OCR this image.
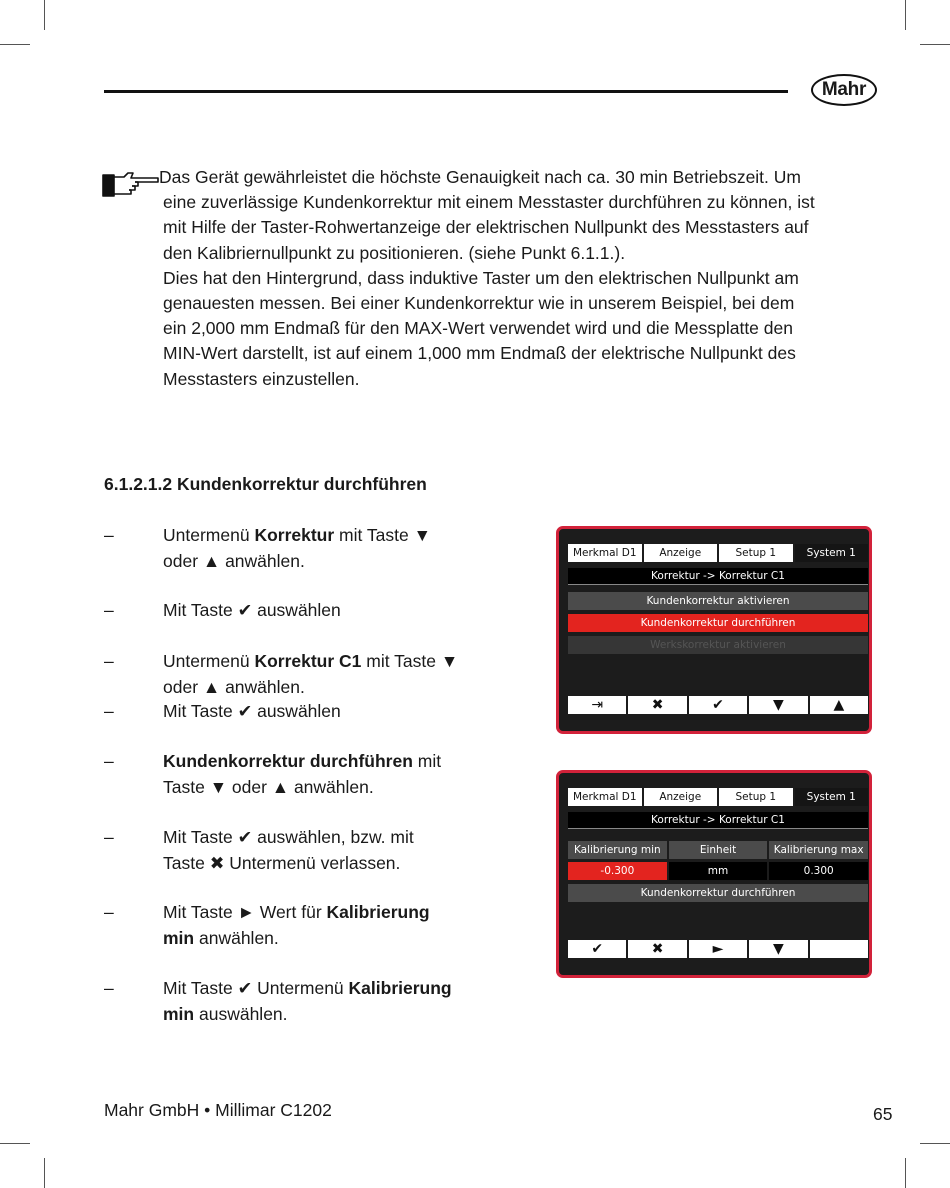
Mahr

Das Gerät gewährleistet die höchste Genauigkeit nach ca. 30 min Betriebszeit. Um
eine zuverlässige Kundenkorrektur mit einem Messtaster durchführen zu können, ist
mit Hilfe der Taster-Rohwertanzeige der elektrischen Nullpunkt des Messtasters auf
den Kalibriernullpunkt zu positionieren. (siehe Punkt 6.1.1.).

Dies hat den Hintergrund, dass induktive Taster um den elektrischen Nullpunkt am
genauesten messen. Bei einer Kundenkorrektur wie in unserem Beispiel, bei dem
ein 2,000 mm Endmaß für den MAX-Wert verwendet wird und die Messplatte den
MIN-Wert darstellt, ist auf einem 1,000 mm Endmaß der elektrische Nullpunkt des
Messtasters einzustellen.

6.1.2.1.2 Kundenkorrektur durchführen
–	Untermenü Korrektur mit Taste ▼
oder ▲ anwählen.
–	Mit Taste ✔ auswählen
–	Untermenü Korrektur C1 mit Taste ▼
oder ▲ anwählen.
–	Mit Taste ✔ auswählen
–	Kundenkorrektur durchführen mit
Taste ▼ oder ▲ anwählen.
–	Mit Taste ✔ auswählen, bzw. mit
Taste ✖ Untermenü verlassen.
–	Mit Taste ► Wert für Kalibrierung
min anwählen.
–	Mit Taste ✔ Untermenü Kalibrierung
min auswählen.
Merkmal D1	Anzeige	Setup 1	System 1
Korrektur -> Korrektur C1
Kundenkorrektur aktivieren
Kundenkorrektur durchführen
Werkskorrektur aktivieren
⇥	✖	✔	▼	▲
Merkmal D1	Anzeige	Setup 1	System 1
Korrektur -> Korrektur C1
Kalibrierung min	Einheit	Kalibrierung max
-0.300	mm	0.300
Kundenkorrektur durchführen
✔	✖	►	▼
Mahr GmbH • Millimar C1202	65
